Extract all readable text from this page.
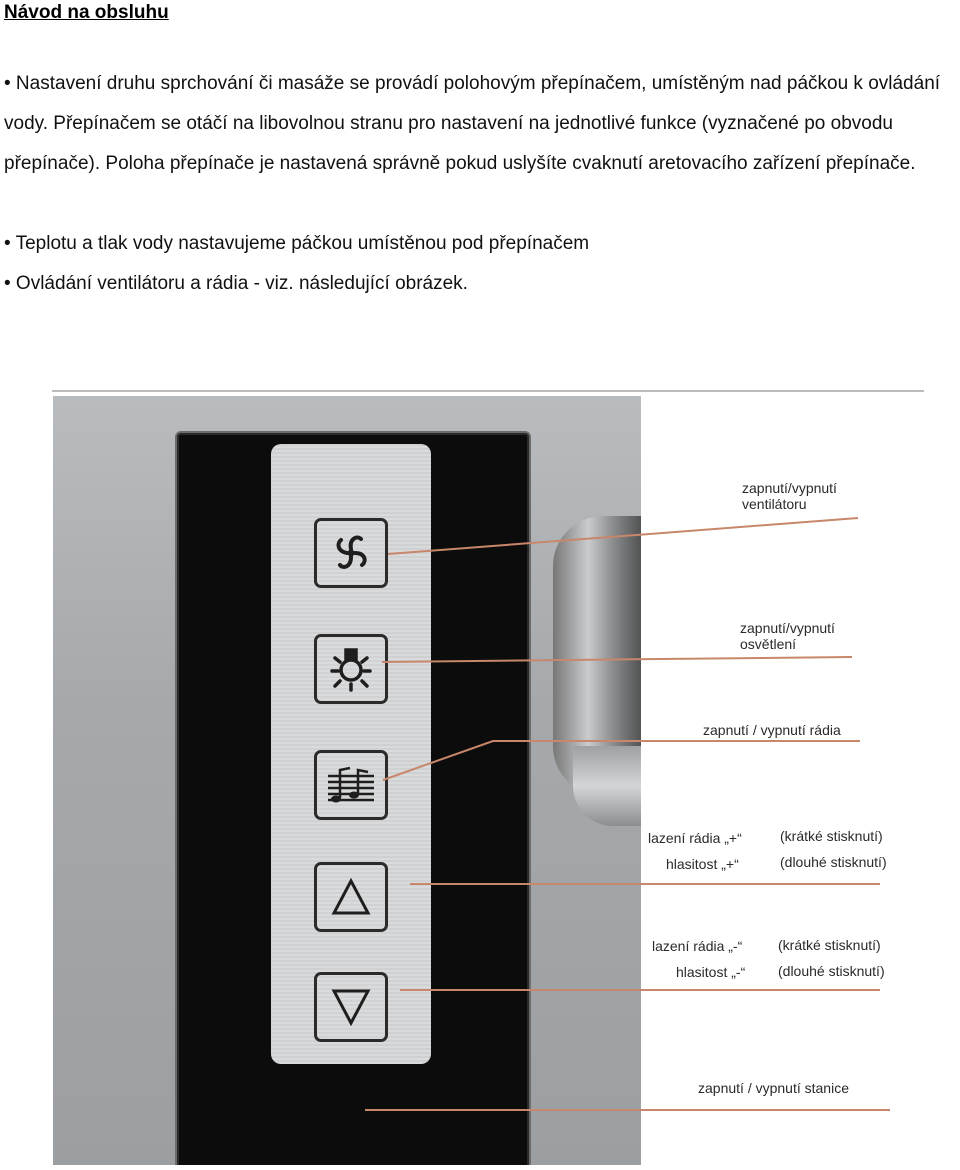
Návod na obsluhu
• Nastavení druhu sprchování či masáže se provádí polohovým přepínačem, umístěným nad páčkou k ovládání vody. Přepínačem se otáčí na libovolnou stranu pro nastavení na jednotlivé funkce (vyznačené po obvodu přepínače). Poloha přepínače je nastavená správně pokud uslyšíte cvaknutí aretovacího zařízení přepínače.
• Teplotu a tlak vody nastavujeme páčkou umístěnou pod přepínačem
• Ovládání ventilátoru a rádia - viz. následující obrázek.
zapnutí/vypnutí
ventilátoru
zapnutí/vypnutí
osvětlení
zapnutí / vypnutí rádia
lazení rádia „+“	(krátké stisknutí)
hlasitost „+“	(dlouhé stisknutí)
lazení rádia „-“	(krátké stisknutí)
hlasitost „-“ (dlouhé stisknutí)
zapnutí / vypnutí stanice
